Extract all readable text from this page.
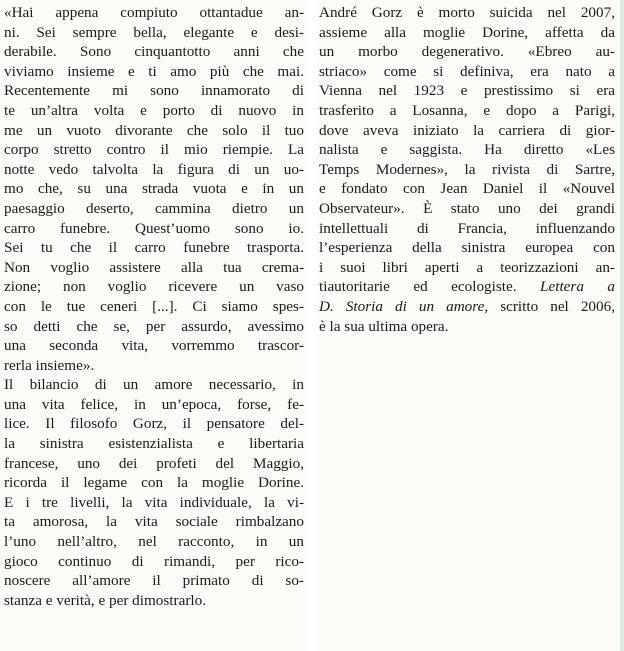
«Hai appena compiuto ottantadue an-
ni. Sei sempre bella, elegante e desi-
derabile. Sono cinquantotto anni che
viviamo insieme e ti amo più che mai.
Recentemente mi sono innamorato di
te un’altra volta e porto di nuovo in
me un vuoto divorante che solo il tuo
corpo stretto contro il mio riempie. La
notte vedo talvolta la figura di un uo-
mo che, su una strada vuota e in un
paesaggio deserto, cammina dietro un
carro funebre. Quest’uomo sono io.
Sei tu che il carro funebre trasporta.
Non voglio assistere alla tua crema-
zione; non voglio ricevere un vaso
con le tue ceneri [...]. Ci siamo spes-
so detti che se, per assurdo, avessimo
una seconda vita, vorremmo trascor-
rerla insieme».
Il bilancio di un amore necessario, in
una vita felice, in un’epoca, forse, fe-
lice. Il filosofo Gorz, il pensatore del-
la sinistra esistenzialista e libertaria
francese, uno dei profeti del Maggio,
ricorda il legame con la moglie Dorine.
E i tre livelli, la vita individuale, la vi-
ta amorosa, la vita sociale rimbalzano
l’uno nell’altro, nel racconto, in un
gioco continuo di rimandi, per rico-
noscere all’amore il primato di so-
stanza e verità, e per dimostrarlo.
André Gorz è morto suicida nel 2007,
assieme alla moglie Dorine, affetta da
un morbo degenerativo. «Ebreo au-
striaco» come si definiva, era nato a
Vienna nel 1923 e prestissimo si era
trasferito a Losanna, e dopo a Parigi,
dove aveva iniziato la carriera di gior-
nalista e saggista. Ha diretto «Les
Temps Modernes», la rivista di Sartre,
e fondato con Jean Daniel il «Nouvel
Observateur». È stato uno dei grandi
intellettuali di Francia, influenzando
l’esperienza della sinistra europea con
i suoi libri aperti a teorizzazioni an-
tiautoritarie ed ecologiste. Lettera a
D. Storia di un amore, scritto nel 2006,
è la sua ultima opera.
